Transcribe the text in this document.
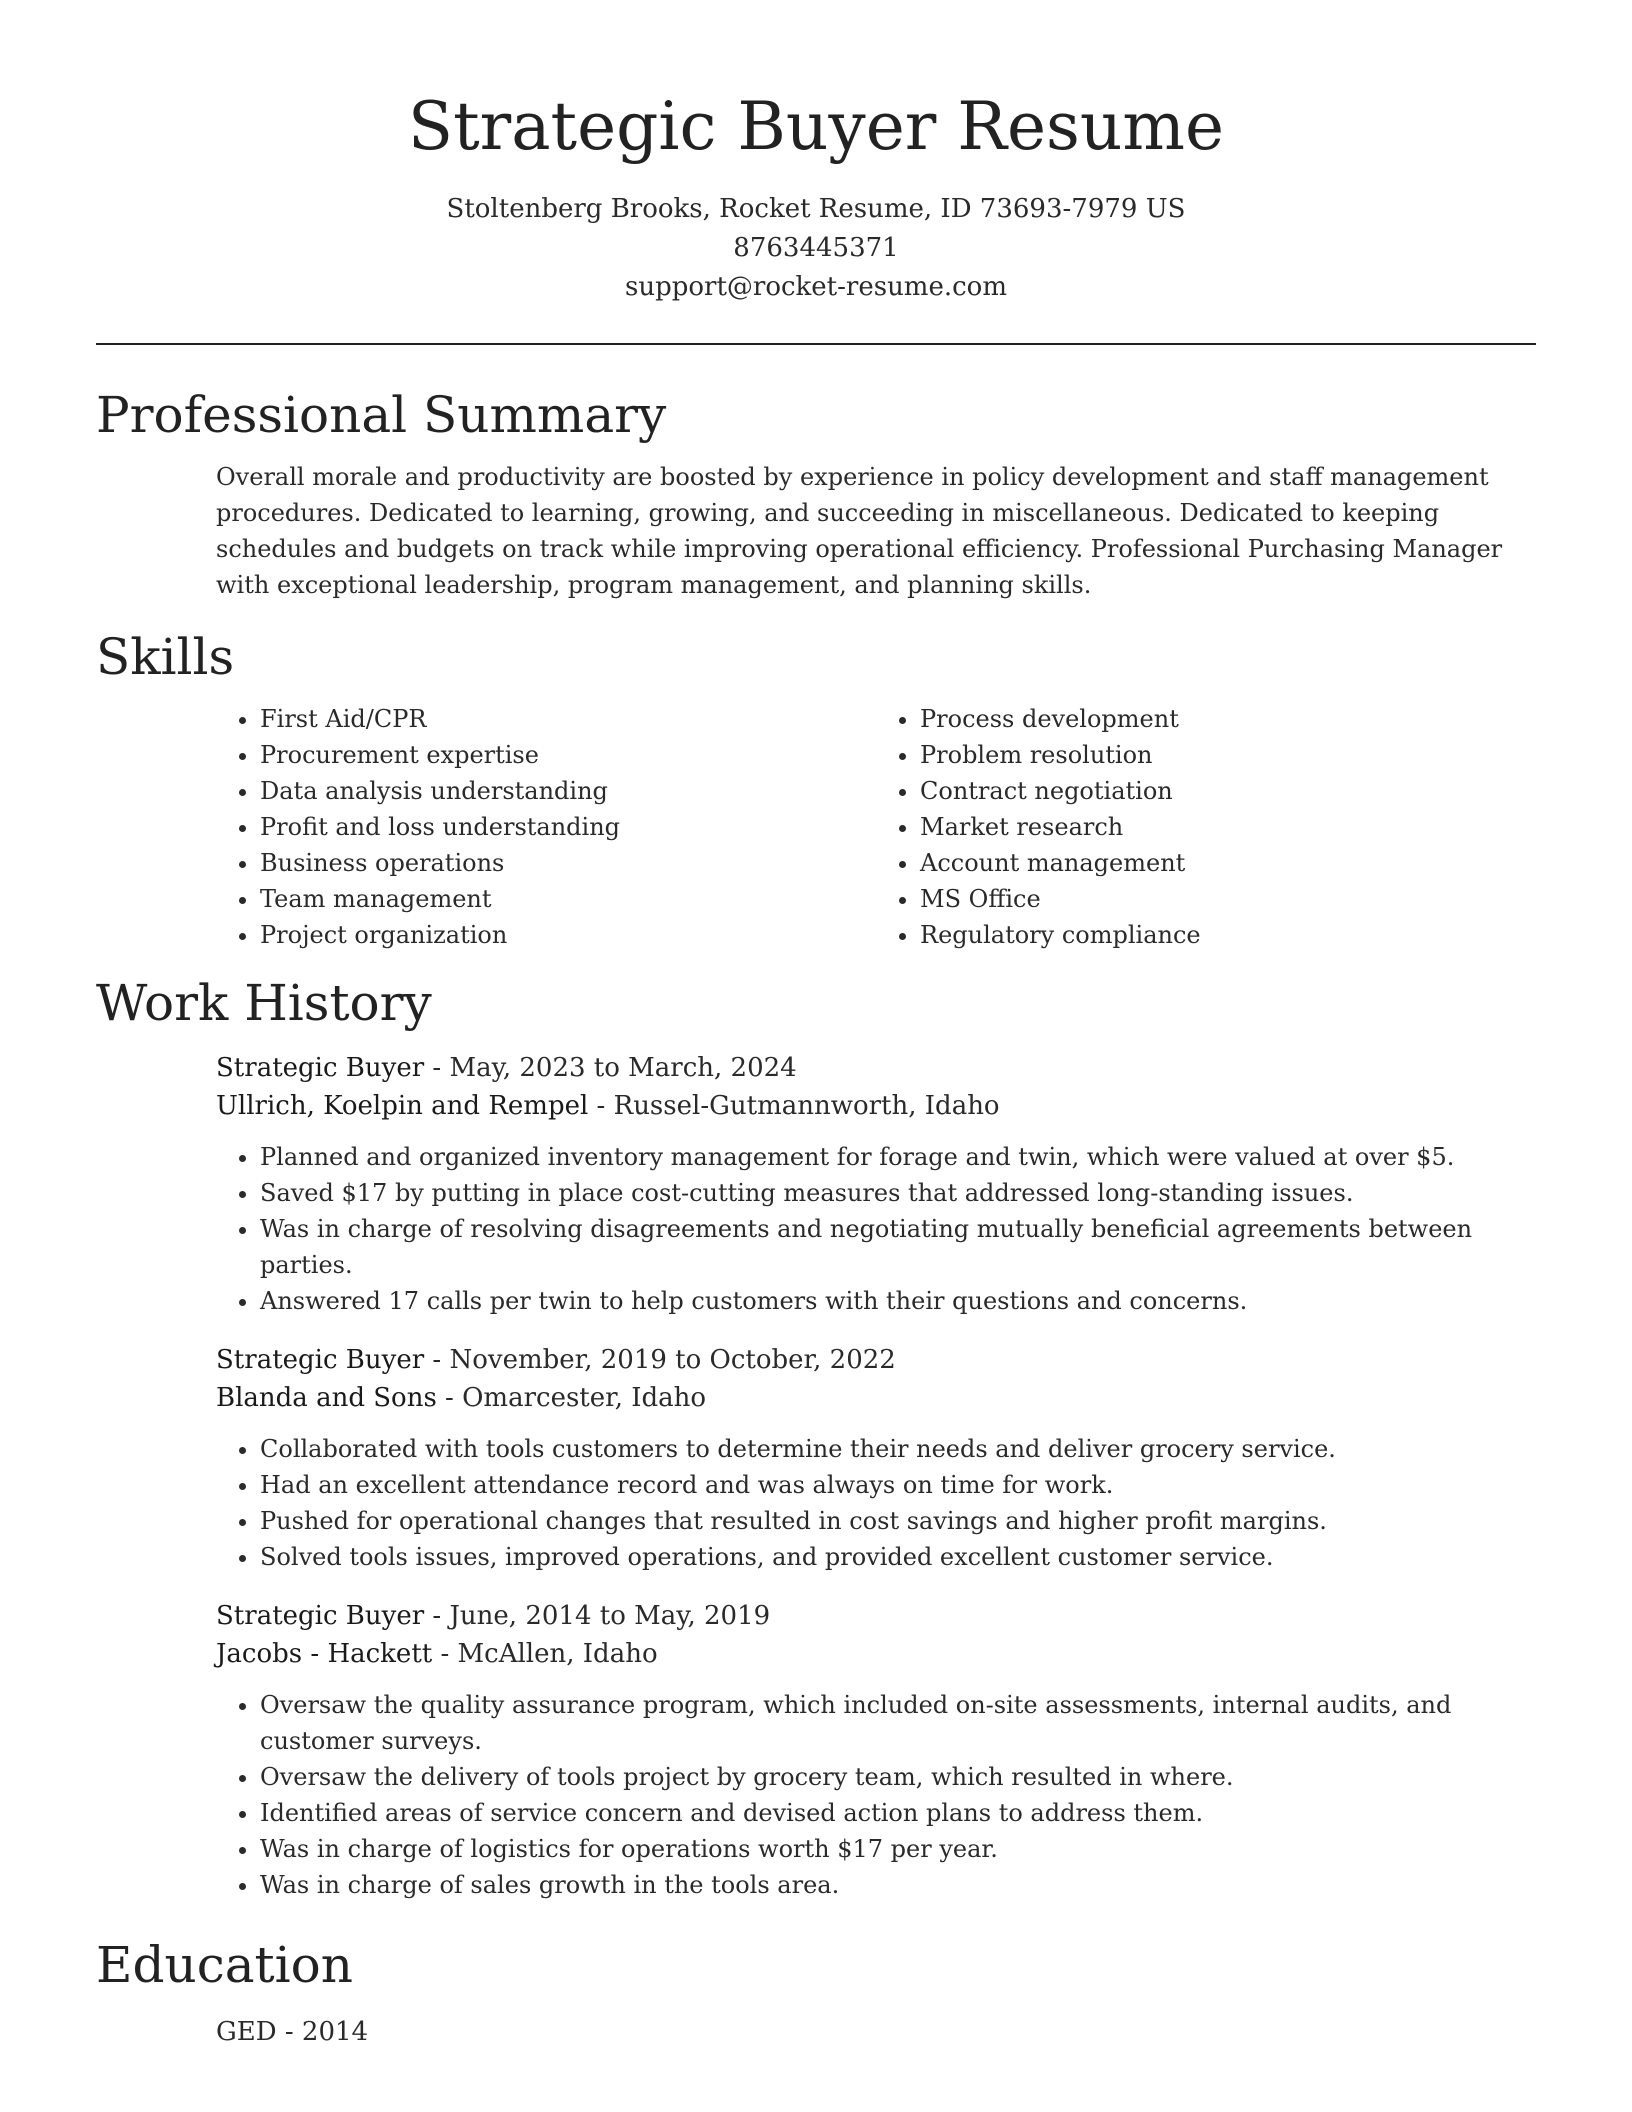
Strategic Buyer Resume
Stoltenberg Brooks, Rocket Resume, ID 73693-7979 US
8763445371
support@rocket-resume.com
Professional Summary
Overall morale and productivity are boosted by experience in policy development and staff management procedures. Dedicated to learning, growing, and succeeding in miscellaneous. Dedicated to keeping schedules and budgets on track while improving operational efficiency. Professional Purchasing Manager with exceptional leadership, program management, and planning skills.
Skills
• First Aid/CPR
• Procurement expertise
• Data analysis understanding
• Profit and loss understanding
• Business operations
• Team management
• Project organization
• Process development
• Problem resolution
• Contract negotiation
• Market research
• Account management
• MS Office
• Regulatory compliance
Work History
Strategic Buyer - May, 2023 to March, 2024
Ullrich, Koelpin and Rempel - Russel-Gutmannworth, Idaho
• Planned and organized inventory management for forage and twin, which were valued at over $5.
• Saved $17 by putting in place cost-cutting measures that addressed long-standing issues.
• Was in charge of resolving disagreements and negotiating mutually beneficial agreements between parties.
• Answered 17 calls per twin to help customers with their questions and concerns.
Strategic Buyer - November, 2019 to October, 2022
Blanda and Sons - Omarcester, Idaho
• Collaborated with tools customers to determine their needs and deliver grocery service.
• Had an excellent attendance record and was always on time for work.
• Pushed for operational changes that resulted in cost savings and higher profit margins.
• Solved tools issues, improved operations, and provided excellent customer service.
Strategic Buyer - June, 2014 to May, 2019
Jacobs - Hackett - McAllen, Idaho
• Oversaw the quality assurance program, which included on-site assessments, internal audits, and customer surveys.
• Oversaw the delivery of tools project by grocery team, which resulted in where.
• Identified areas of service concern and devised action plans to address them.
• Was in charge of logistics for operations worth $17 per year.
• Was in charge of sales growth in the tools area.
Education
GED - 2014
